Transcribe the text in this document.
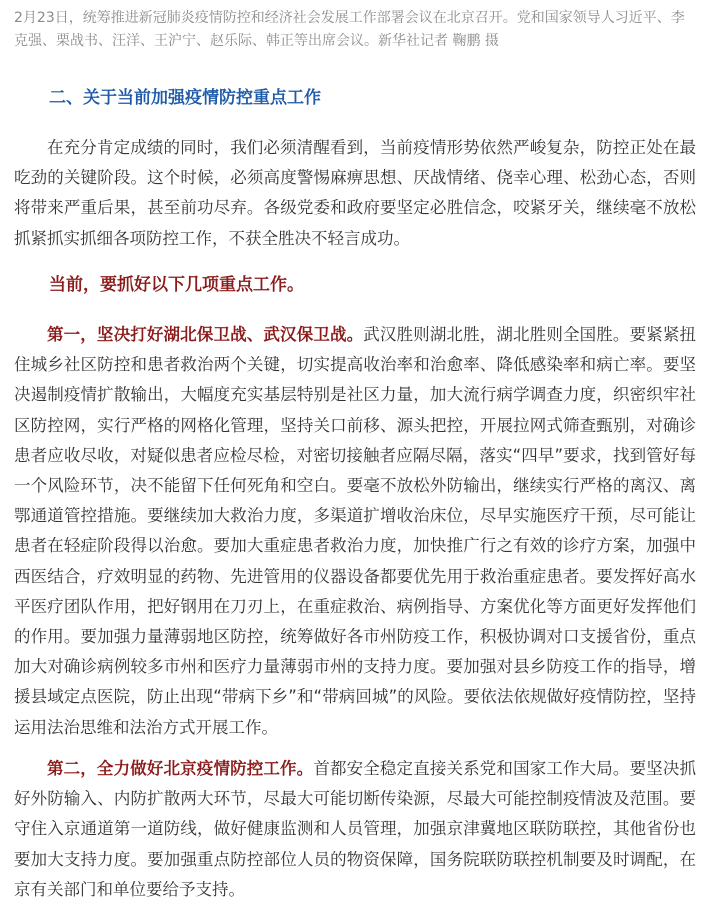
2月23日，统筹推进新冠肺炎疫情防控和经济社会发展工作部署会议在北京召开。党和国家领导人习近平、李克强、栗战书、汪洋、王沪宁、赵乐际、韩正等出席会议。新华社记者 鞠鹏 摄
二、关于当前加强疫情防控重点工作

在充分肯定成绩的同时，我们必须清醒看到，当前疫情形势依然严峻复杂，防控正处在最吃劲的关键阶段。这个时候，必须高度警惕麻痹思想、厌战情绪、侥幸心理、松劲心态，否则将带来严重后果，甚至前功尽弃。各级党委和政府要坚定必胜信念，咬紧牙关，继续毫不放松抓紧抓实抓细各项防控工作，不获全胜决不轻言成功。

当前，要抓好以下几项重点工作。

第一，坚决打好湖北保卫战、武汉保卫战。武汉胜则湖北胜，湖北胜则全国胜。要紧紧扭住城乡社区防控和患者救治两个关键，切实提高收治率和治愈率、降低感染率和病亡率。要坚决遏制疫情扩散输出，大幅度充实基层特别是社区力量，加大流行病学调查力度，织密织牢社区防控网，实行严格的网格化管理，坚持关口前移、源头把控，开展拉网式筛查甄别，对确诊患者应收尽收，对疑似患者应检尽检，对密切接触者应隔尽隔，落实“四早”要求，找到管好每一个风险环节，决不能留下任何死角和空白。要毫不放松外防输出，继续实行严格的离汉、离鄂通道管控措施。要继续加大救治力度，多渠道扩增收治床位，尽早实施医疗干预，尽可能让患者在轻症阶段得以治愈。要加大重症患者救治力度，加快推广行之有效的诊疗方案，加强中西医结合，疗效明显的药物、先进管用的仪器设备都要优先用于救治重症患者。要发挥好高水平医疗团队作用，把好钢用在刀刃上，在重症救治、病例指导、方案优化等方面更好发挥他们的作用。要加强力量薄弱地区防控，统筹做好各市州防疫工作，积极协调对口支援省份，重点加大对确诊病例较多市州和医疗力量薄弱市州的支持力度。要加强对县乡防疫工作的指导，增援县域定点医院，防止出现“带病下乡”和“带病回城”的风险。要依法依规做好疫情防控，坚持运用法治思维和法治方式开展工作。

第二，全力做好北京疫情防控工作。首都安全稳定直接关系党和国家工作大局。要坚决抓好外防输入、内防扩散两大环节，尽最大可能切断传染源，尽最大可能控制疫情波及范围。要守住入京通道第一道防线，做好健康监测和人员管理，加强京津冀地区联防联控，其他省份也要加大支持力度。要加强重点防控部位人员的物资保障，国务院联防联控机制要及时调配，在京有关部门和单位要给予支持。
